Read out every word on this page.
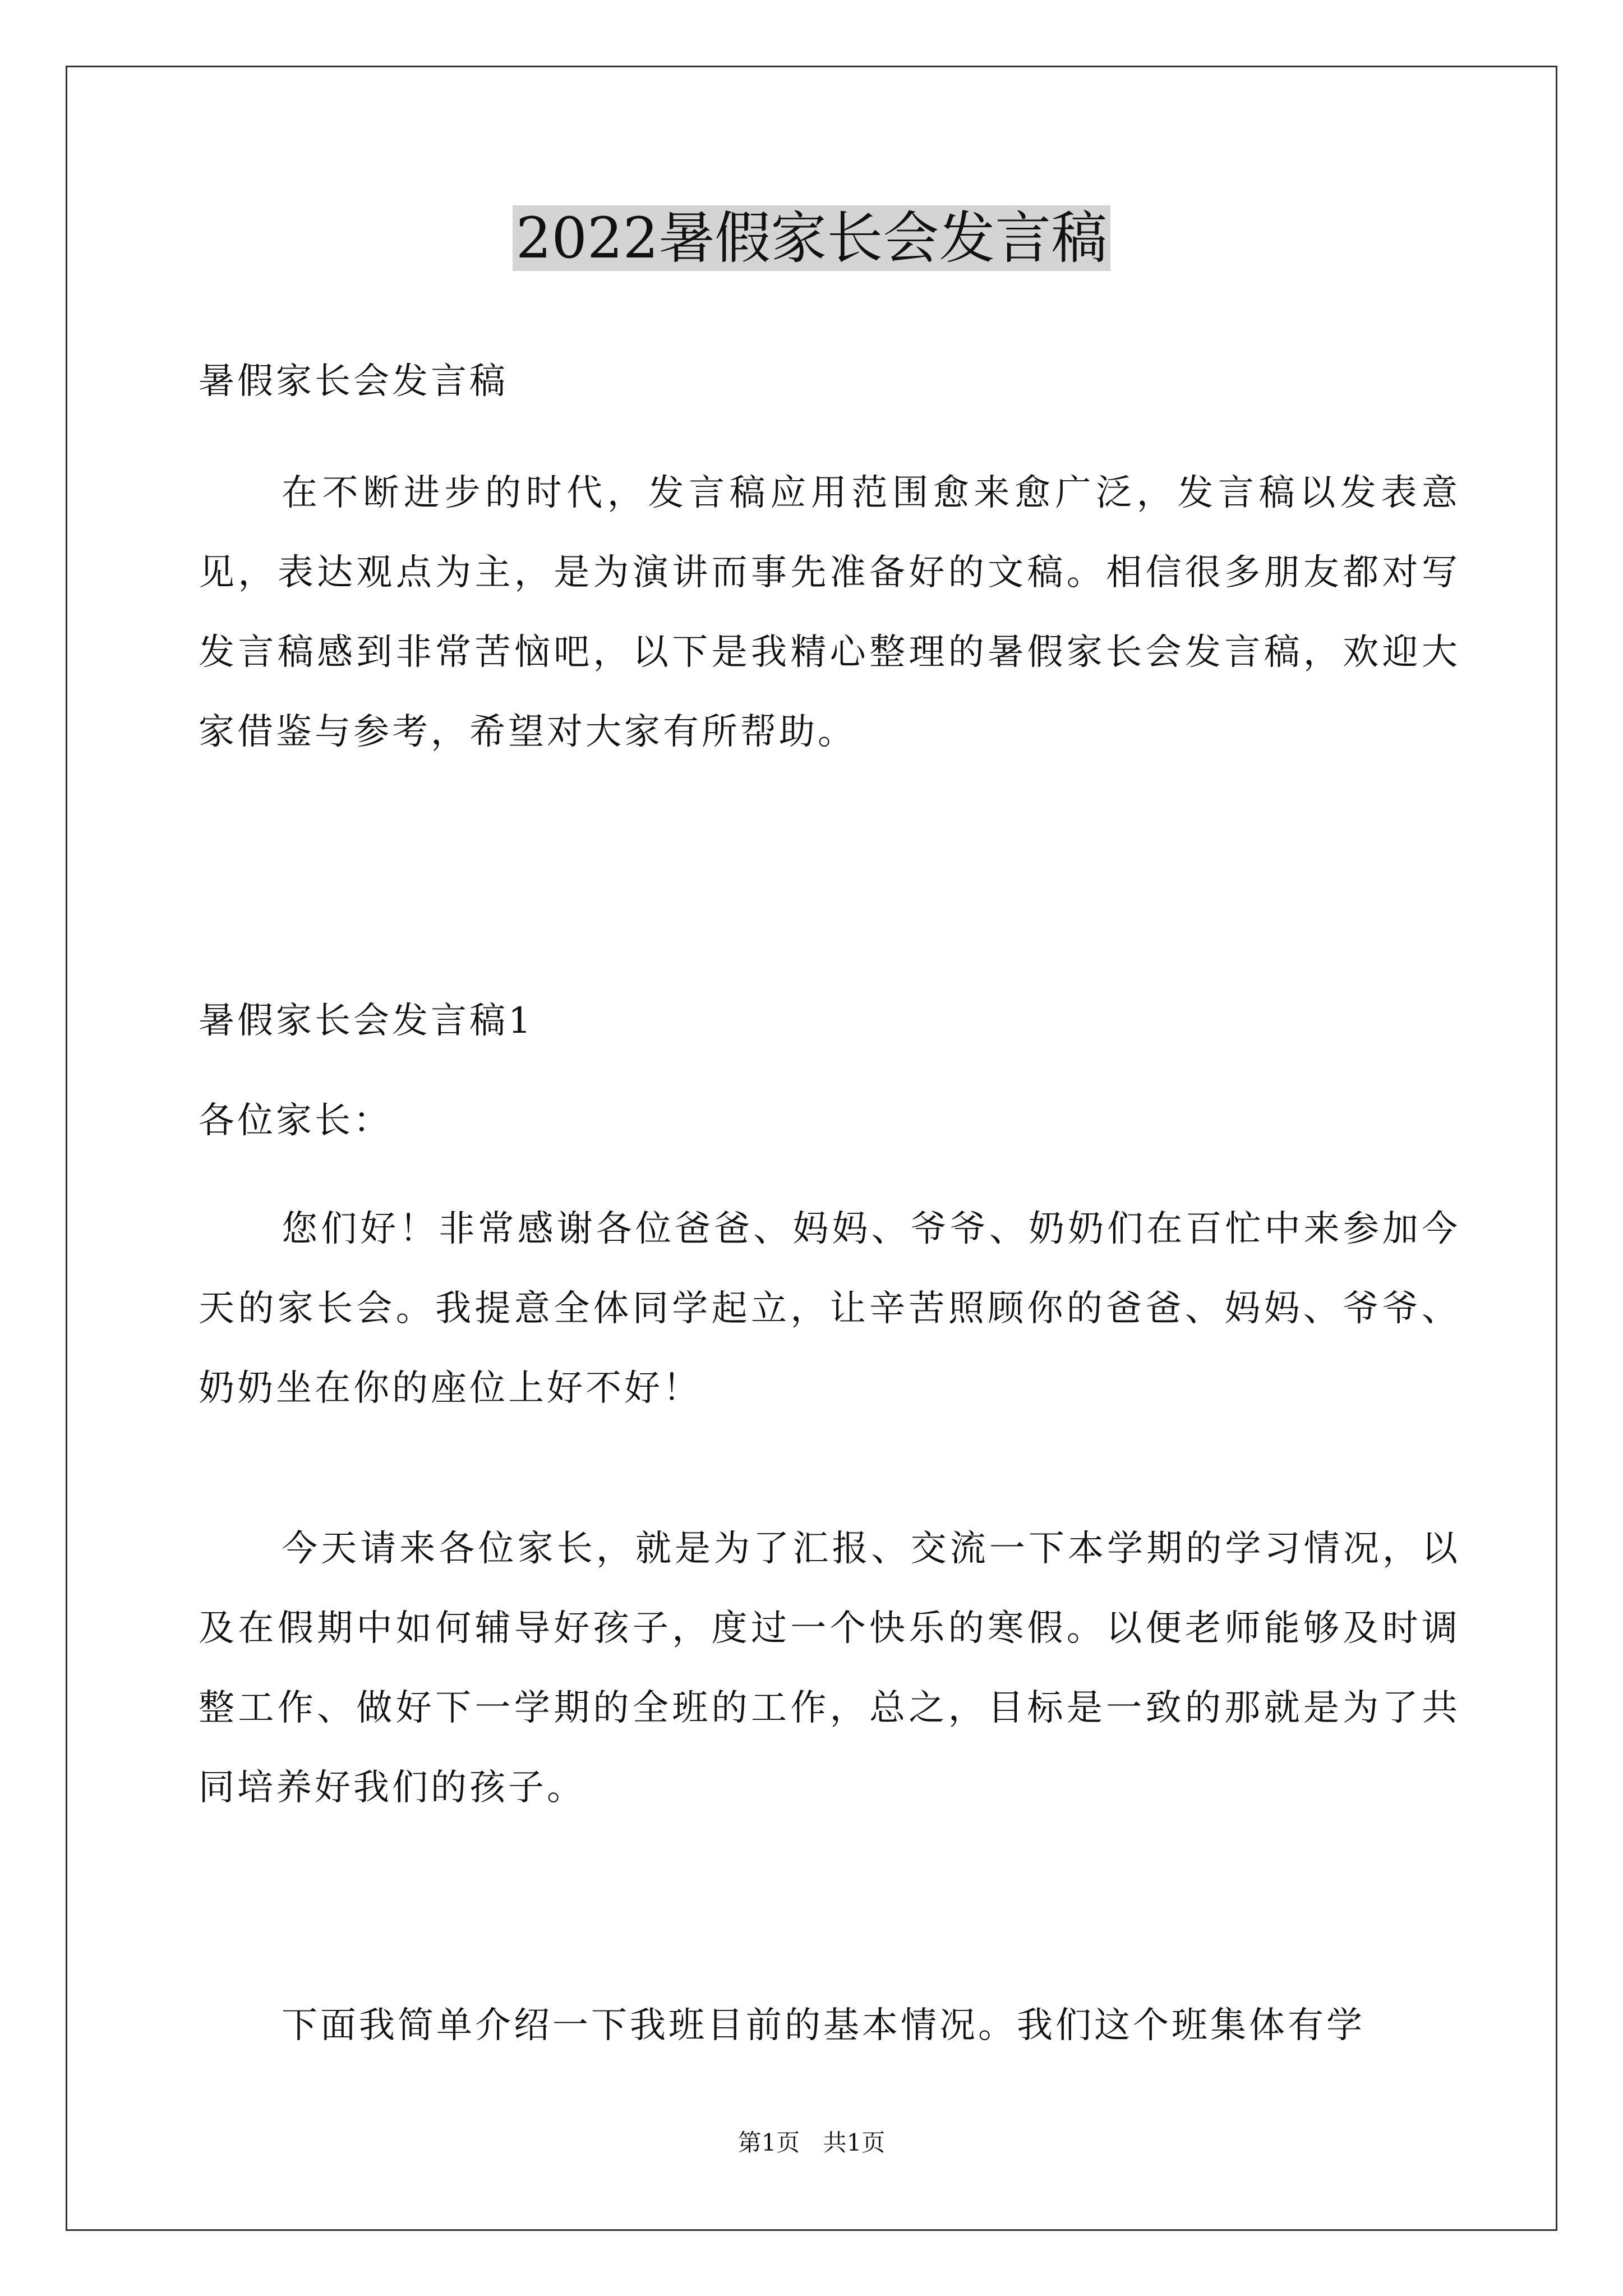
2022暑假家长会发言稿
暑假家长会发言稿
在不断进步的时代，发言稿应用范围愈来愈广泛，发言稿以发表意见，表达观点为主，是为演讲而事先准备好的文稿。相信很多朋友都对写发言稿感到非常苦恼吧，以下是我精心整理的暑假家长会发言稿，欢迎大家借鉴与参考，希望对大家有所帮助。
暑假家长会发言稿1
各位家长：
您们好！非常感谢各位爸爸、妈妈、爷爷、奶奶们在百忙中来参加今天的家长会。我提意全体同学起立，让辛苦照顾你的爸爸、妈妈、爷爷、奶奶坐在你的座位上好不好！
今天请来各位家长，就是为了汇报、交流一下本学期的学习情况，以及在假期中如何辅导好孩子，度过一个快乐的寒假。以便老师能够及时调整工作、做好下一学期的全班的工作，总之，目标是一致的那就是为了共同培养好我们的孩子。
下面我简单介绍一下我班目前的基本情况。我们这个班集体有学
第1页 共1页
